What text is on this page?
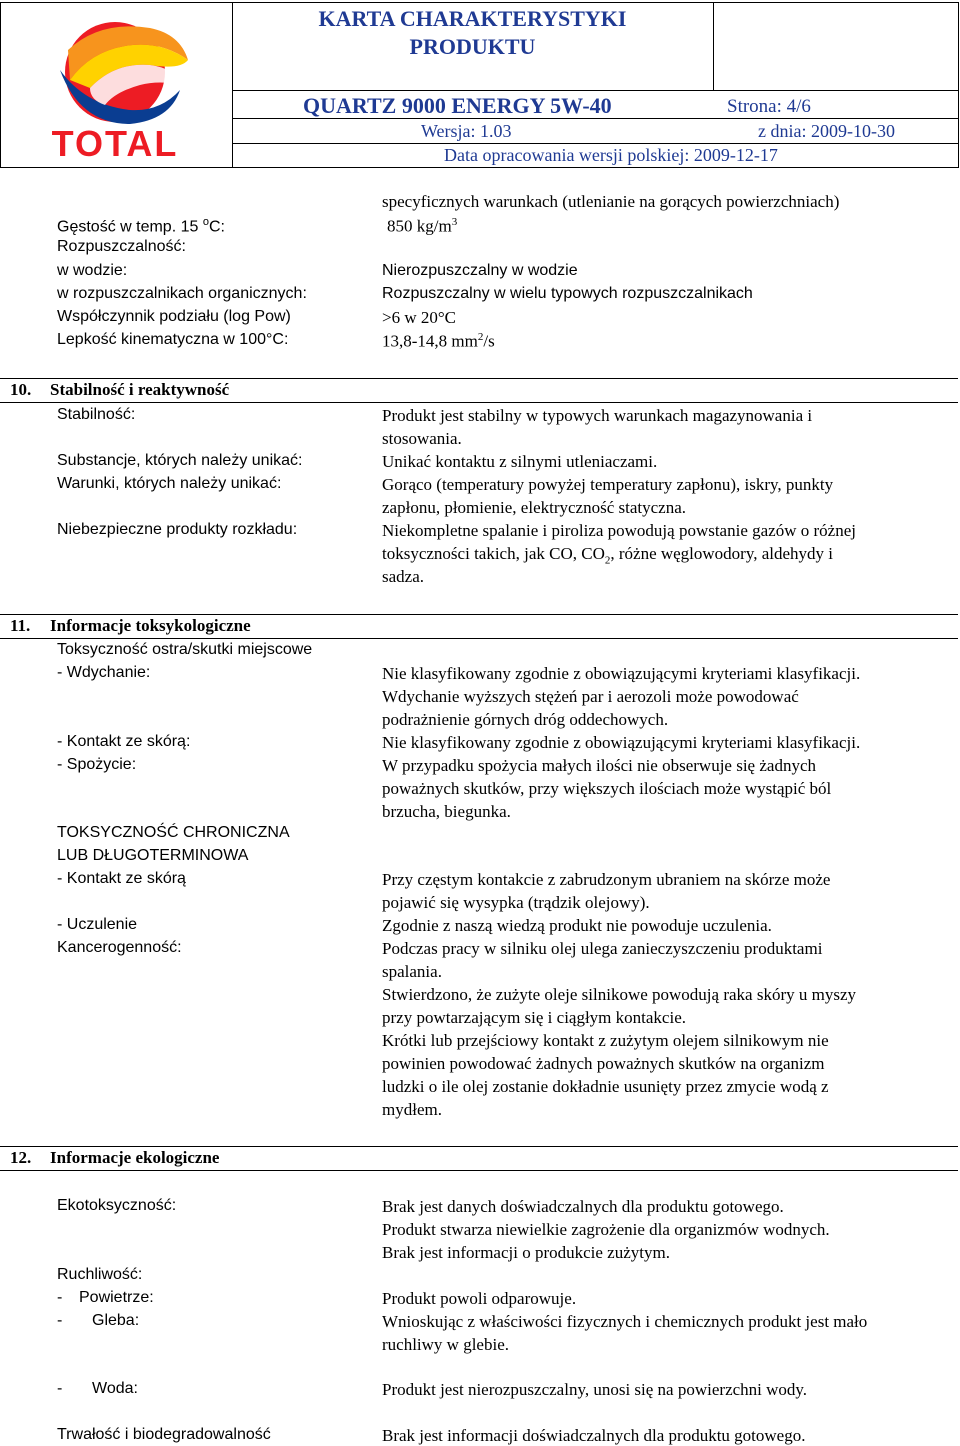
TOTAL
KARTA CHARAKTERYSTYKI
PRODUKTU
QUARTZ 9000 ENERGY 5W-40	Strona: 4/6
Wersja: 1.03	z dnia: 2009-10-30
Data opracowania wersji polskiej: 2009-12-17
specyficznych warunkach (utlenianie na gorących powierzchniach)
Gęstość w temp. 15 $^o$C:	850 $kg/m^3$
Rozpuszczalność:
w wodzie:	Nierozpuszczalny w wodzie
w rozpuszczalnikach organicznych:	Rozpuszczalny w wielu typowych rozpuszczalnikach
Współczynnik podziału (log Pow)	>6 w 20°C
Lepkość kinematyczna w 100°C:	13,8-14,8 $mm^2/s$
10. Stabilność i reaktywność
Stabilność:	Produkt jest stabilny w typowych warunkach magazynowania i
stosowania.
Substancje, których należy unikać:	Unikać kontaktu z silnymi utleniaczami.
Warunki, których należy unikać:	Gorąco (temperatury powyżej temperatury zapłonu), iskry, punkty
zapłonu, płomienie, elektryczność statyczna.
Niebezpieczne produkty rozkładu:	Niekompletne spalanie i piroliza powodują powstanie gazów o różnej
toksyczności takich, jak CO, $CO_2$, różne węglowodory, aldehydy i
sadza.
11. Informacje toksykologiczne
Toksyczność ostra/skutki miejscowe
- Wdychanie:	Nie klasyfikowany zgodnie z obowiązującymi kryteriami klasyfikacji.
Wdychanie wyższych stężeń par i aerozoli może powodować
podrażnienie górnych dróg oddechowych.
- Kontakt ze skórą:	Nie klasyfikowany zgodnie z obowiązującymi kryteriami klasyfikacji.
- Spożycie:	W przypadku spożycia małych ilości nie obserwuje się żadnych
poważnych skutków, przy większych ilościach może wystąpić ból
brzucha, biegunka.
TOKSYCZNOŚĆ CHRONICZNA
LUB DŁUGOTERMINOWA
- Kontakt ze skórą	Przy częstym kontakcie z zabrudzonym ubraniem na skórze może
pojawić się wysypka (trądzik olejowy).
- Uczulenie	Zgodnie z naszą wiedzą produkt nie powoduje uczulenia.
Kancerogenność:	Podczas pracy w silniku olej ulega zanieczyszczeniu produktami
spalania.
Stwierdzono, że zużyte oleje silnikowe powodują raka skóry u myszy
przy powtarzającym się i ciągłym kontakcie.
Krótki lub przejściowy kontakt z zużytym olejem silnikowym nie
powinien powodować żadnych poważnych skutków na organizm
ludzki o ile olej zostanie dokładnie usunięty przez zmycie wodą z
mydłem.
12. Informacje ekologiczne
Ekotoksyczność:	Brak jest danych doświadczalnych dla produktu gotowego.
Produkt stwarza niewielkie zagrożenie dla organizmów wodnych.
Brak jest informacji o produkcie zużytym.
Ruchliwość:
- Powietrze:	Produkt powoli odparowuje.
- Gleba:	Wnioskując z właściwości fizycznych i chemicznych produkt jest mało
ruchliwy w glebie.
- Woda:	Produkt jest nierozpuszczalny, unosi się na powierzchni wody.
Trwałość i biodegradowalność	Brak jest informacji doświadczalnych dla produktu gotowego.
